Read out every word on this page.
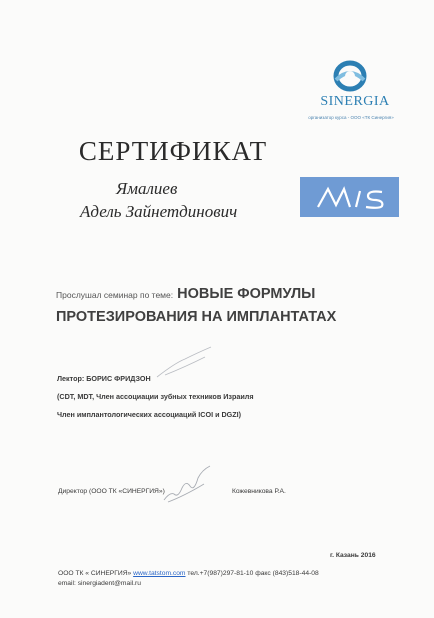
SINERGIA
организатор курса - ООО «ТК Синергия»
СЕРТИФИКАТ
Ямалиев
Адель Зайнетдинович
Прослушал семинар по теме: НОВЫЕ ФОРМУЛЫ
ПРОТЕЗИРОВАНИЯ НА ИМПЛАНТАТАХ
Лектор: БОРИС ФРИДЗОН
(CDT, MDT, Член ассоциации зубных техников Израиля
Член имплантологических ассоциаций ICOI и DGZI)
Директор (ООО ТК «СИНЕРГИЯ»)	Кожевникова Р.А.
г. Казань 2016
ООО ТК « СИНЕРГИЯ» www.tatstom.com тел.+7(987)297-81-10 факс (843)518-44-08
email: sinergiadent@mail.ru
